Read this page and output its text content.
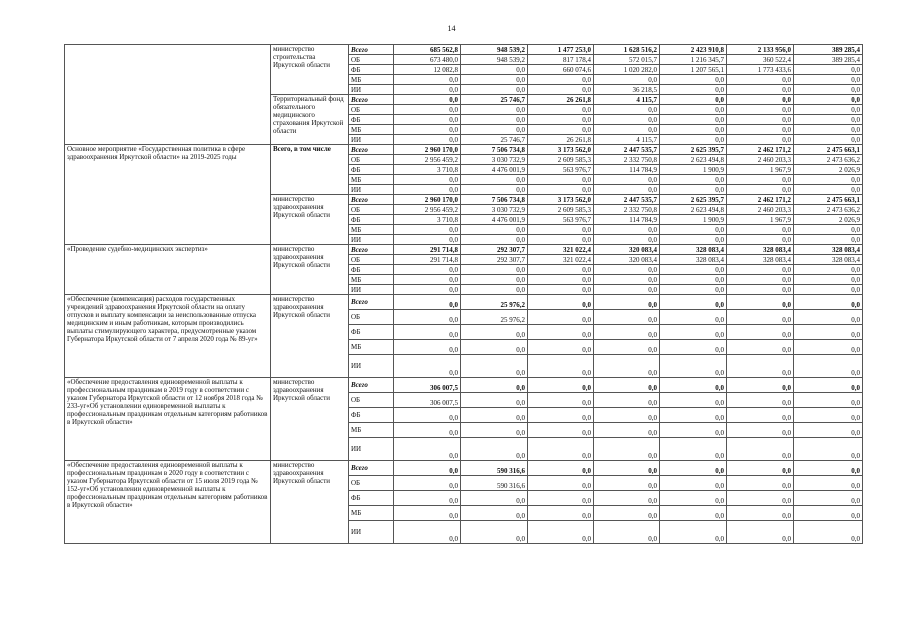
14
	министерство строительства Иркутской области	Всего	685 562,8	948 539,2	1 477 253,0	1 628 516,2	2 423 910,8	2 133 956,0	389 285,4
		ОБ	673 480,0	948 539,2	817 178,4	572 015,7	1 216 345,7	360 522,4	389 285,4
		ФБ	12 082,8	0,0	660 074,6	1 020 282,0	1 207 565,1	1 773 433,6	0,0
		МБ	0,0	0,0	0,0	0,0	0,0	0,0	0,0
		ИИ	0,0	0,0	0,0	36 218,5	0,0	0,0	0,0
	Территориальный фонд обязательного медицинского страхования Иркутской области	Всего	0,0	25 746,7	26 261,8	4 115,7	0,0	0,0	0,0
		ОБ	0,0	0,0	0,0	0,0	0,0	0,0	0,0
		ФБ	0,0	0,0	0,0	0,0	0,0	0,0	0,0
		МБ	0,0	0,0	0,0	0,0	0,0	0,0	0,0
		ИИ	0,0	25 746,7	26 261,8	4 115,7	0,0	0,0	0,0
Основное мероприятие «Государственная политика в сфере здравоохранения Иркутской области» на 2019-2025 годы	Всего, в том числе	Всего	2 960 170,0	7 506 734,8	3 173 562,0	2 447 535,7	2 625 395,7	2 462 171,2	2 475 663,1
		ОБ	2 956 459,2	3 030 732,9	2 609 585,3	2 332 750,8	2 623 494,8	2 460 203,3	2 473 636,2
		ФБ	3 710,8	4 476 001,9	563 976,7	114 784,9	1 900,9	1 967,9	2 026,9
		МБ	0,0	0,0	0,0	0,0	0,0	0,0	0,0
		ИИ	0,0	0,0	0,0	0,0	0,0	0,0	0,0
	министерство здравоохранения Иркутской области	Всего	2 960 170,0	7 506 734,8	3 173 562,0	2 447 535,7	2 625 395,7	2 462 171,2	2 475 663,1
		ОБ	2 956 459,2	3 030 732,9	2 609 585,3	2 332 750,8	2 623 494,8	2 460 203,3	2 473 636,2
		ФБ	3 710,8	4 476 001,9	563 976,7	114 784,9	1 900,9	1 967,9	2 026,9
		МБ	0,0	0,0	0,0	0,0	0,0	0,0	0,0
		ИИ	0,0	0,0	0,0	0,0	0,0	0,0	0,0
«Проведение судебно-медицинских экспертиз»	министерство здравоохранения Иркутской области	Всего	291 714,8	292 307,7	321 022,4	320 083,4	328 083,4	328 083,4	328 083,4
		ОБ	291 714,8	292 307,7	321 022,4	320 083,4	328 083,4	328 083,4	328 083,4
		ФБ	0,0	0,0	0,0	0,0	0,0	0,0	0,0
		МБ	0,0	0,0	0,0	0,0	0,0	0,0	0,0
		ИИ	0,0	0,0	0,0	0,0	0,0	0,0	0,0
«Обеспечение (компенсация) расходов государственных учреждений здравоохранения Иркутской области на оплату отпусков и выплату компенсации за неиспользованные отпуска медицинским и иным работникам, которым производились выплаты стимулирующего характера, предусмотренные указом Губернатора Иркутской области от 7 апреля 2020 года № 89-уг»	министерство здравоохранения Иркутской области	Всего	0,0	25 976,2	0,0	0,0	0,0	0,0	0,0
		ОБ	0,0	25 976,2	0,0	0,0	0,0	0,0	0,0
		ФБ	0,0	0,0	0,0	0,0	0,0	0,0	0,0
		МБ	0,0	0,0	0,0	0,0	0,0	0,0	0,0
		ИИ	0,0	0,0	0,0	0,0	0,0	0,0	0,0
«Обеспечение предоставления единовременной выплаты к профессиональным праздникам в 2019 году в соответствии с указом Губернатора Иркутской области от 12 ноября 2018 года № 233-уг«Об установлении единовременной выплаты к профессиональным праздникам отдельным категориям работников в Иркутской области»	министерство здравоохранения Иркутской области	Всего	306 007,5	0,0	0,0	0,0	0,0	0,0	0,0
		ОБ	306 007,5	0,0	0,0	0,0	0,0	0,0	0,0
		ФБ	0,0	0,0	0,0	0,0	0,0	0,0	0,0
		МБ	0,0	0,0	0,0	0,0	0,0	0,0	0,0
		ИИ	0,0	0,0	0,0	0,0	0,0	0,0	0,0
«Обеспечение предоставления единовременной выплаты к профессиональным праздникам в 2020 году в соответствии с указом Губернатора Иркутской области от 15 июля 2019 года № 152-уг«Об установлении единовременной выплаты к профессиональным праздникам отдельным категориям работников в Иркутской области»	министерство здравоохранения Иркутской области	Всего	0,0	590 316,6	0,0	0,0	0,0	0,0	0,0
		ОБ	0,0	590 316,6	0,0	0,0	0,0	0,0	0,0
		ФБ	0,0	0,0	0,0	0,0	0,0	0,0	0,0
		МБ	0,0	0,0	0,0	0,0	0,0	0,0	0,0
		ИИ	0,0	0,0	0,0	0,0	0,0	0,0	0,0
